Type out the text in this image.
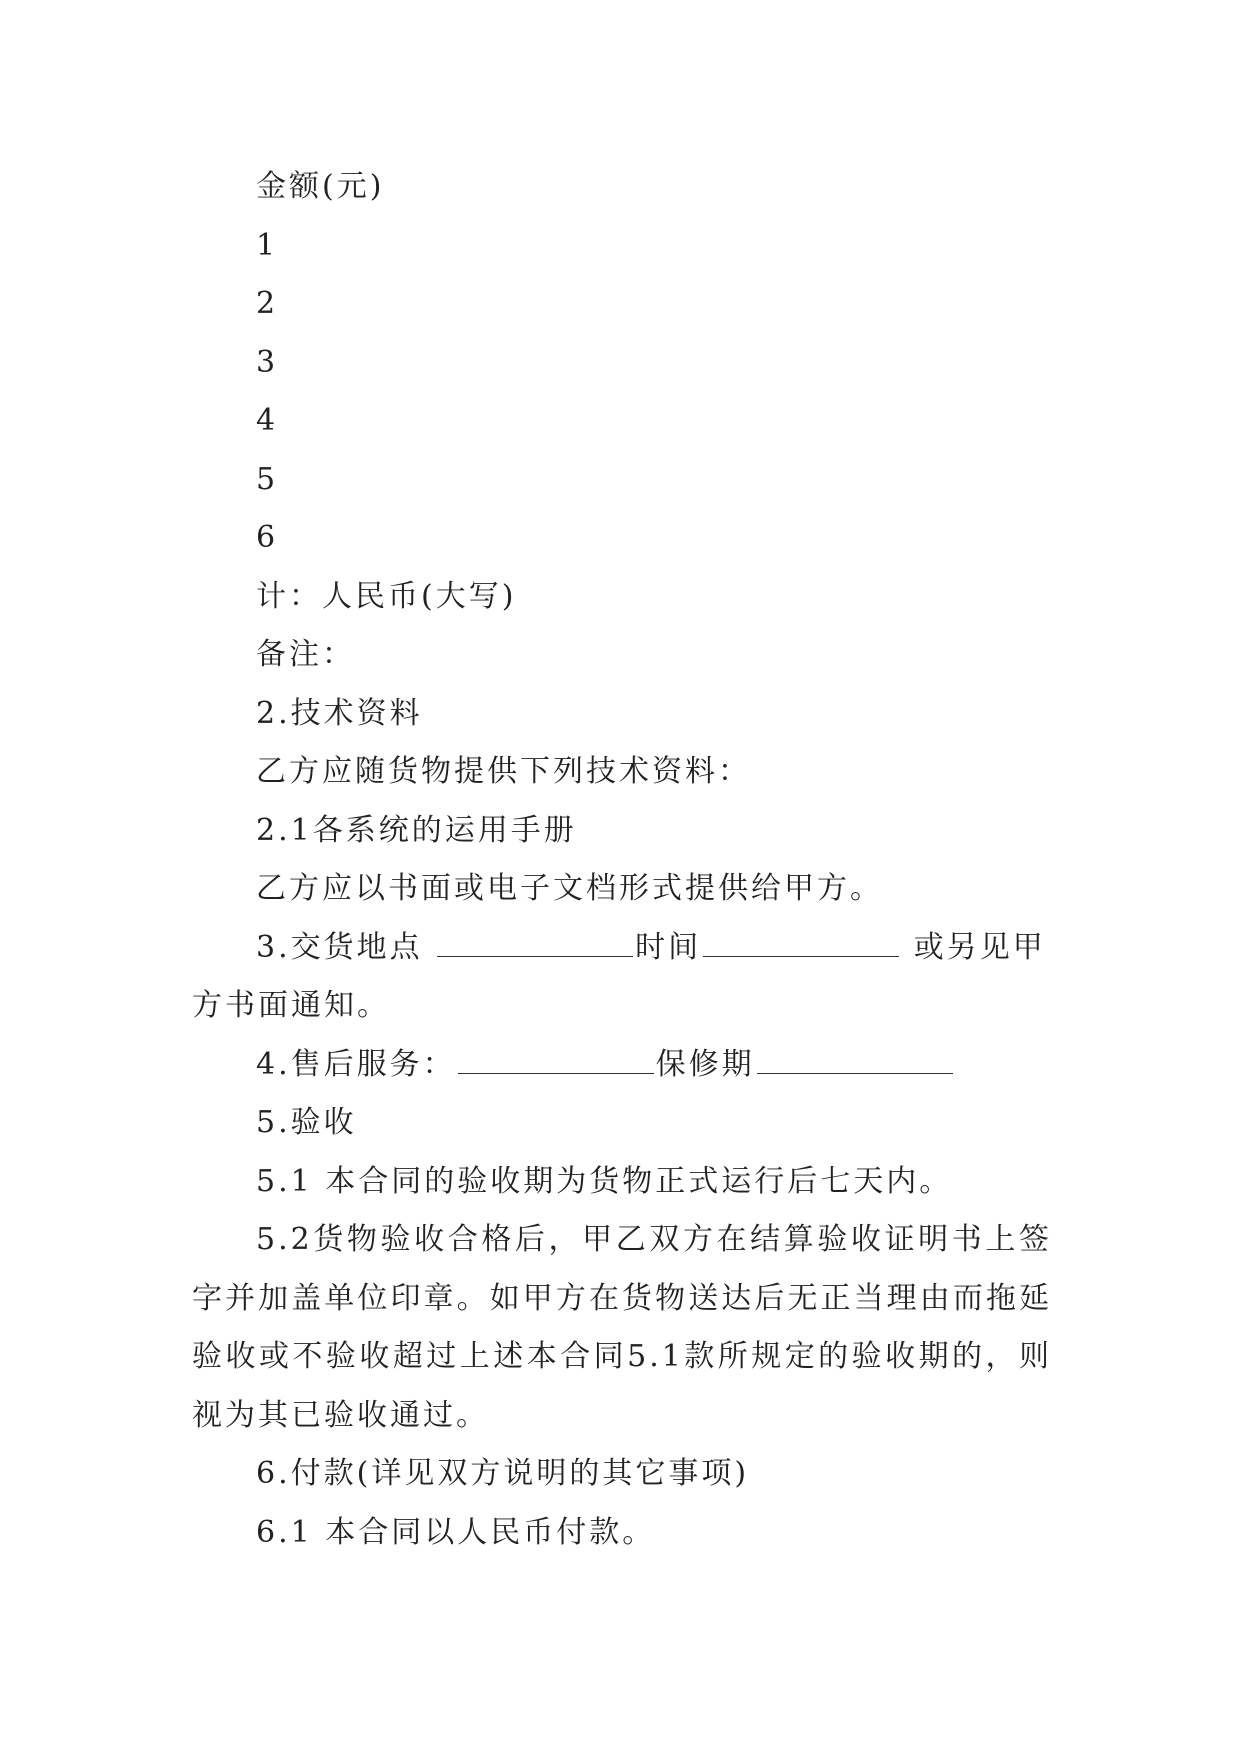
金额(元)
1
2
3
4
5
6
计：人民币(大写)
备注：
2.技术资料
乙方应随货物提供下列技术资料：
2.1各系统的运用手册
乙方应以书面或电子文档形式提供给甲方。
3.交货地点	时间	或另见甲
方书面通知。
4.售后服务：	保修期
5.验收
5.1 本合同的验收期为货物正式运行后七天内。
5.2货物验收合格后，甲乙双方在结算验收证明书上签字并加盖单位印章。如甲方在货物送达后无正当理由而拖延验收或不验收超过上述本合同5.1款所规定的验收期的，则视为其已验收通过。
6.付款(详见双方说明的其它事项)
6.1 本合同以人民币付款。
